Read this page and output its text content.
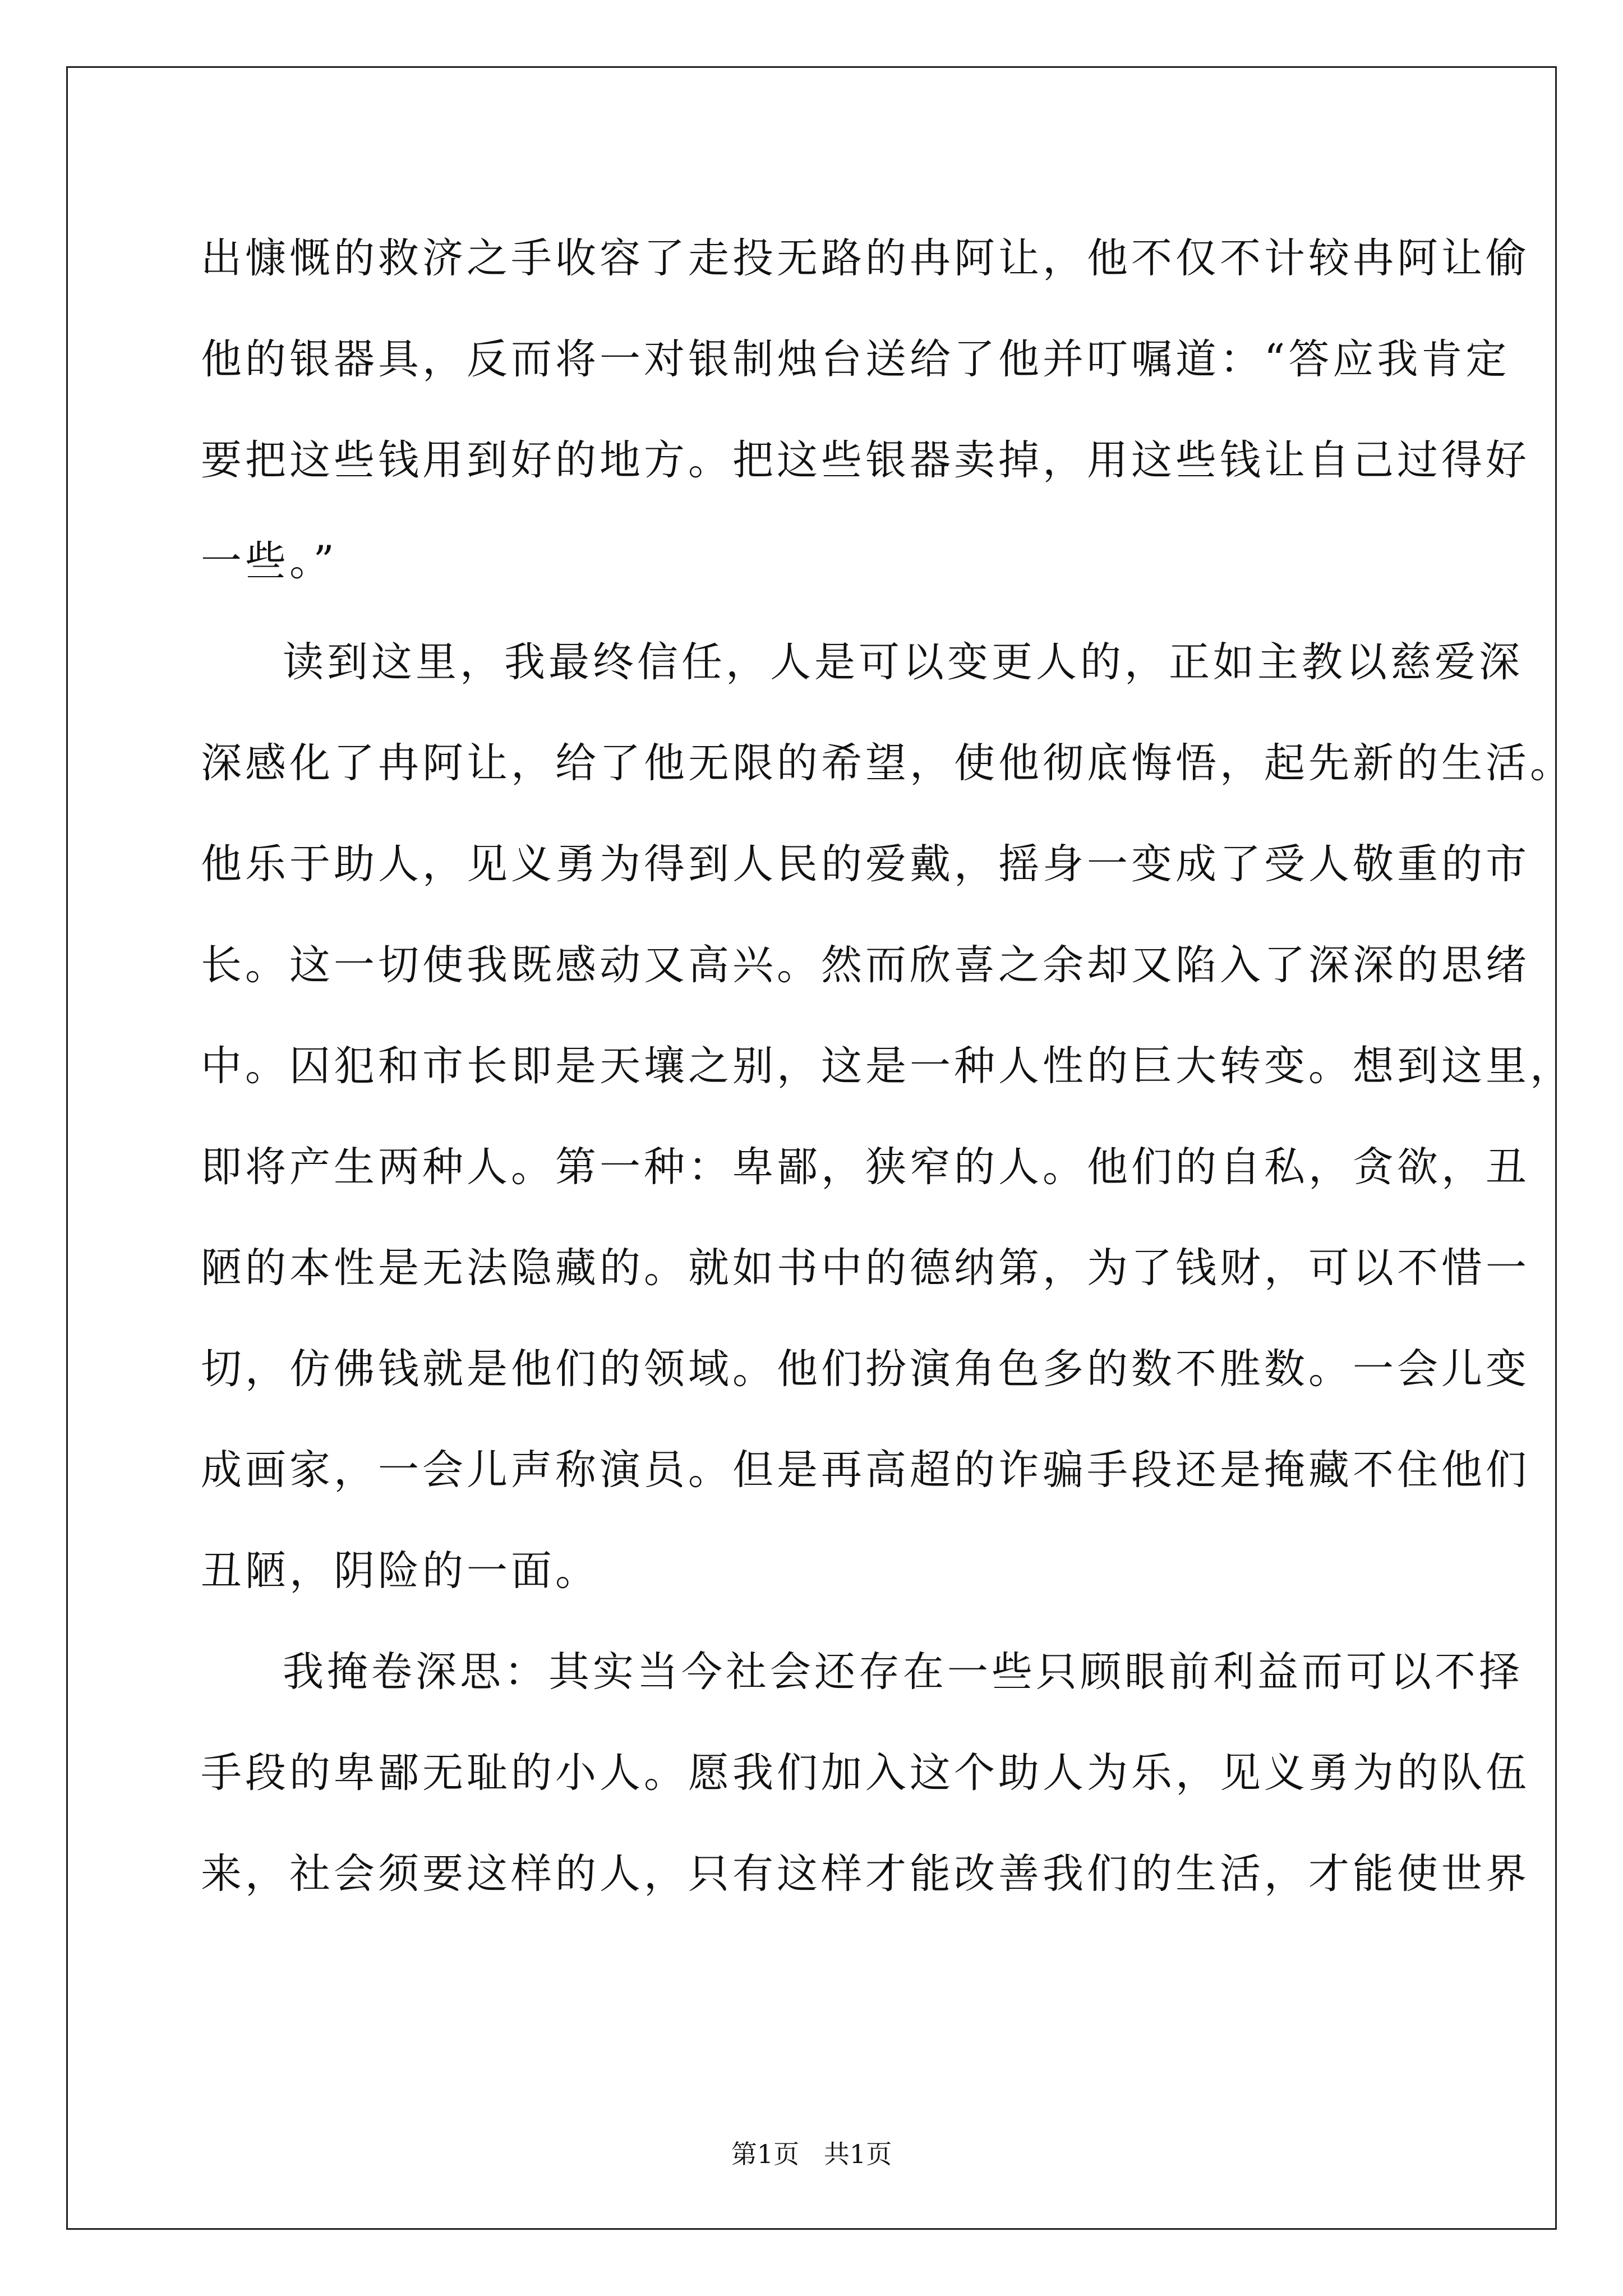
出慷慨的救济之手收容了走投无路的冉阿让，他不仅不计较冉阿让偷

他的银器具，反而将一对银制烛台送给了他并叮嘱道：“答应我肯定

要把这些钱用到好的地方。把这些银器卖掉，用这些钱让自己过得好

一些。”

读到这里，我最终信任，人是可以变更人的，正如主教以慈爱深

深感化了冉阿让，给了他无限的希望，使他彻底悔悟，起先新的生活。

他乐于助人，见义勇为得到人民的爱戴，摇身一变成了受人敬重的市

长。这一切使我既感动又高兴。然而欣喜之余却又陷入了深深的思绪

中。囚犯和市长即是天壤之别，这是一种人性的巨大转变。想到这里，

即将产生两种人。第一种：卑鄙，狭窄的人。他们的自私，贪欲，丑

陋的本性是无法隐藏的。就如书中的德纳第，为了钱财，可以不惜一

切，仿佛钱就是他们的领域。他们扮演角色多的数不胜数。一会儿变

成画家，一会儿声称演员。但是再高超的诈骗手段还是掩藏不住他们

丑陋，阴险的一面。

我掩卷深思：其实当今社会还存在一些只顾眼前利益而可以不择

手段的卑鄙无耻的小人。愿我们加入这个助人为乐，见义勇为的队伍

来，社会须要这样的人，只有这样才能改善我们的生活，才能使世界

第1页   共1页
